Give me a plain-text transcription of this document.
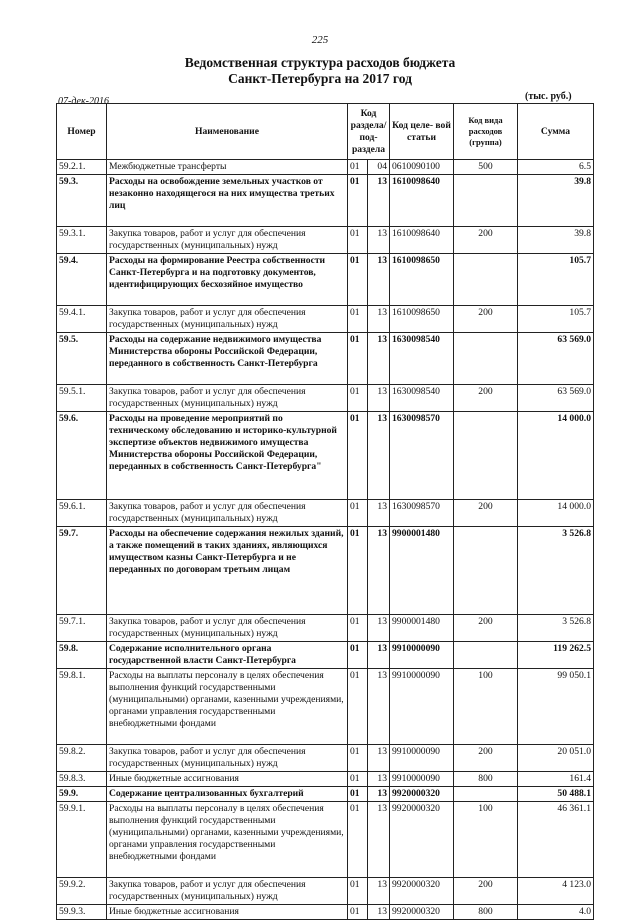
225
Ведомственная структура расходов бюджета
Санкт-Петербурга на 2017 год
07-дек-2016	(тыс. руб.)
Номер	Наименование	Код раздела/ под- раздела		Код целе- вой статьи	Код вида расходов (группа)	Сумма
59.2.1.	Межбюджетные трансферты	01	04	0610090100	500	6.5
59.3.	Расходы на освобождение земельных участков от незаконно находящегося на них имущества третьих лиц	01	13	1610098640		39.8
59.3.1.	Закупка товаров, работ и услуг для обеспечения государственных (муниципальных) нужд	01	13	1610098640	200	39.8
59.4.	Расходы на формирование Реестра собственности Санкт-Петербурга и на подготовку документов, идентифицирующих бесхозяйное имущество	01	13	1610098650		105.7
59.4.1.	Закупка товаров, работ и услуг для обеспечения государственных (муниципальных) нужд	01	13	1610098650	200	105.7
59.5.	Расходы на содержание недвижимого имущества Министерства обороны Российской Федерации, переданного в собственность Санкт-Петербурга	01	13	1630098540		63 569.0
59.5.1.	Закупка товаров, работ и услуг для обеспечения государственных (муниципальных) нужд	01	13	1630098540	200	63 569.0
59.6.	Расходы на проведение мероприятий по техническому обследованию и историко-культурной экспертизе объектов недвижимого имущества Министерства обороны Российской Федерации, переданных в собственность Санкт-Петербурга"	01	13	1630098570		14 000.0
59.6.1.	Закупка товаров, работ и услуг для обеспечения государственных (муниципальных) нужд	01	13	1630098570	200	14 000.0
59.7.	Расходы на обеспечение содержания нежилых зданий, а также помещений в таких зданиях, являющихся имуществом казны Санкт-Петербурга и не переданных по договорам третьим лицам	01	13	9900001480		3 526.8
59.7.1.	Закупка товаров, работ и услуг для обеспечения государственных (муниципальных) нужд	01	13	9900001480	200	3 526.8
59.8.	Содержание исполнительного органа государственной власти Санкт-Петербурга	01	13	9910000090		119 262.5
59.8.1.	Расходы на выплаты персоналу в целях обеспечения выполнения функций государственными (муниципальными) органами, казенными учреждениями, органами управления государственными внебюджетными фондами	01	13	9910000090	100	99 050.1
59.8.2.	Закупка товаров, работ и услуг для обеспечения государственных (муниципальных) нужд	01	13	9910000090	200	20 051.0
59.8.3.	Иные бюджетные ассигнования	01	13	9910000090	800	161.4
59.9.	Содержание централизованных бухгалтерий	01	13	9920000320		50 488.1
59.9.1.	Расходы на выплаты персоналу в целях обеспечения выполнения функций государственными (муниципальными) органами, казенными учреждениями, органами управления государственными внебюджетными фондами	01	13	9920000320	100	46 361.1
59.9.2.	Закупка товаров, работ и услуг для обеспечения государственных (муниципальных) нужд	01	13	9920000320	200	4 123.0
59.9.3.	Иные бюджетные ассигнования	01	13	9920000320	800	4.0
